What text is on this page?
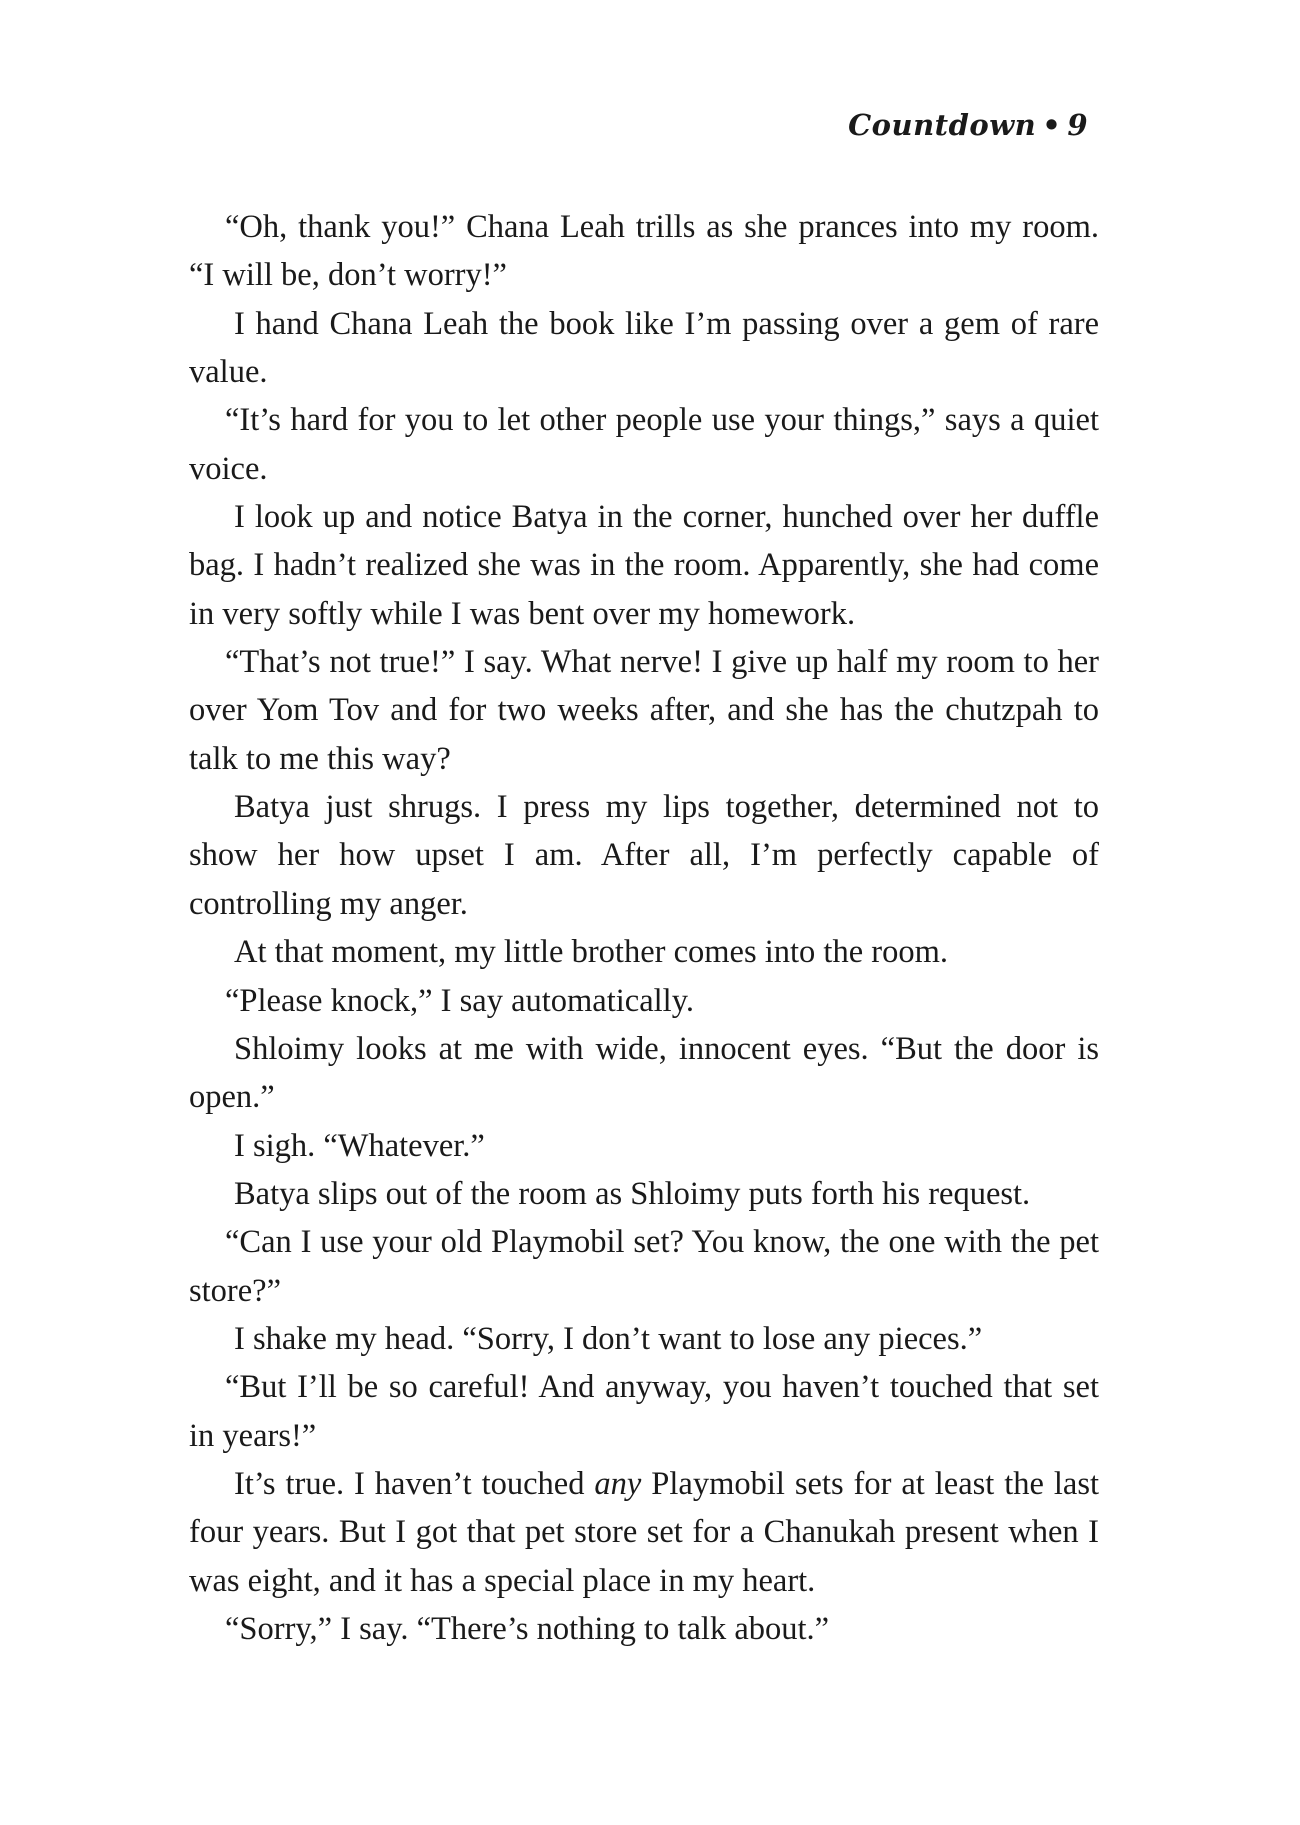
Countdown • 9

“Oh, thank you!” Chana Leah trills as she prances into my room. “I will be, don’t worry!”

I hand Chana Leah the book like I’m passing over a gem of rare value.

“It’s hard for you to let other people use your things,” says a quiet voice.

I look up and notice Batya in the corner, hunched over her duffle bag. I hadn’t realized she was in the room. Apparently, she had come in very softly while I was bent over my homework.

“That’s not true!” I say. What nerve! I give up half my room to her over Yom Tov and for two weeks after, and she has the chutzpah to talk to me this way?

Batya just shrugs. I press my lips together, determined not to show her how upset I am. After all, I’m perfectly capable of controlling my anger.

At that moment, my little brother comes into the room.

“Please knock,” I say automatically.

Shloimy looks at me with wide, innocent eyes. “But the door is open.”

I sigh. “Whatever.”

Batya slips out of the room as Shloimy puts forth his request.

“Can I use your old Playmobil set? You know, the one with the pet store?”

I shake my head. “Sorry, I don’t want to lose any pieces.”

“But I’ll be so careful! And anyway, you haven’t touched that set in years!”

It’s true. I haven’t touched any Playmobil sets for at least the last four years. But I got that pet store set for a Chanukah present when I was eight, and it has a special place in my heart.

“Sorry,” I say. “There’s nothing to talk about.”
